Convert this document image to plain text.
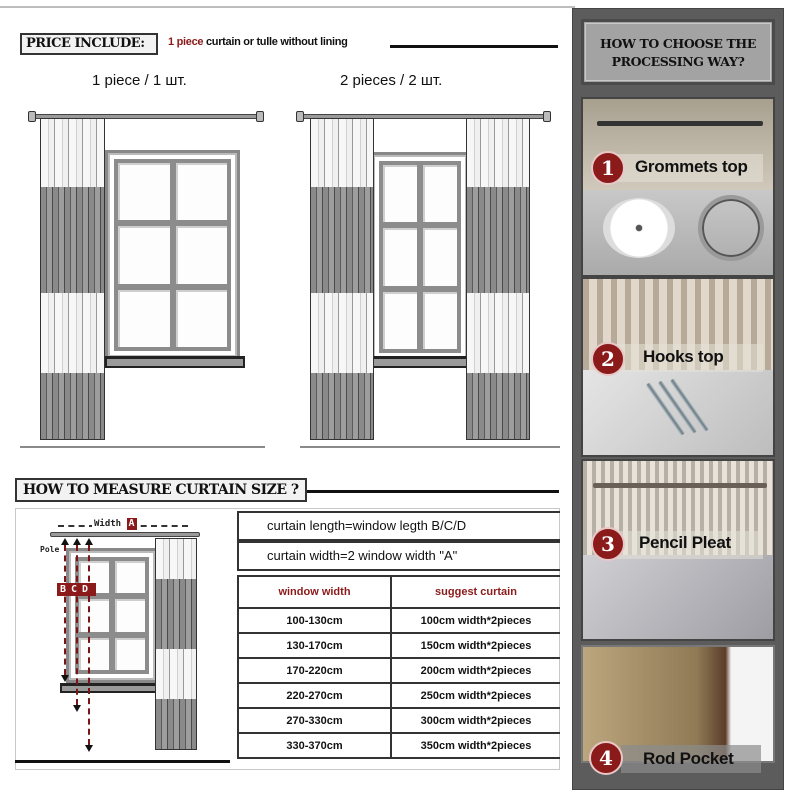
PRICE INCLUDE:	1 piece curtain or tulle without lining
1 piece / 1 шт.	2 pieces / 2 шт.
HOW TO MEASURE CURTAIN SIZE ?
Width A
Pole
BCD
curtain length=window legth B/C/D
curtain width=2 window width "A"
window width	suggest curtain
100-130cm	100cm width*2pieces
130-170cm	150cm width*2pieces
170-220cm	200cm width*2pieces
220-270cm	250cm width*2pieces
270-330cm	300cm width*2pieces
330-370cm	350cm width*2pieces
HOW TO CHOOSE THE
PROCESSING WAY?
1	Grommets top
2	Hooks top
3	Pencil Pleat
4	Rod Pocket
